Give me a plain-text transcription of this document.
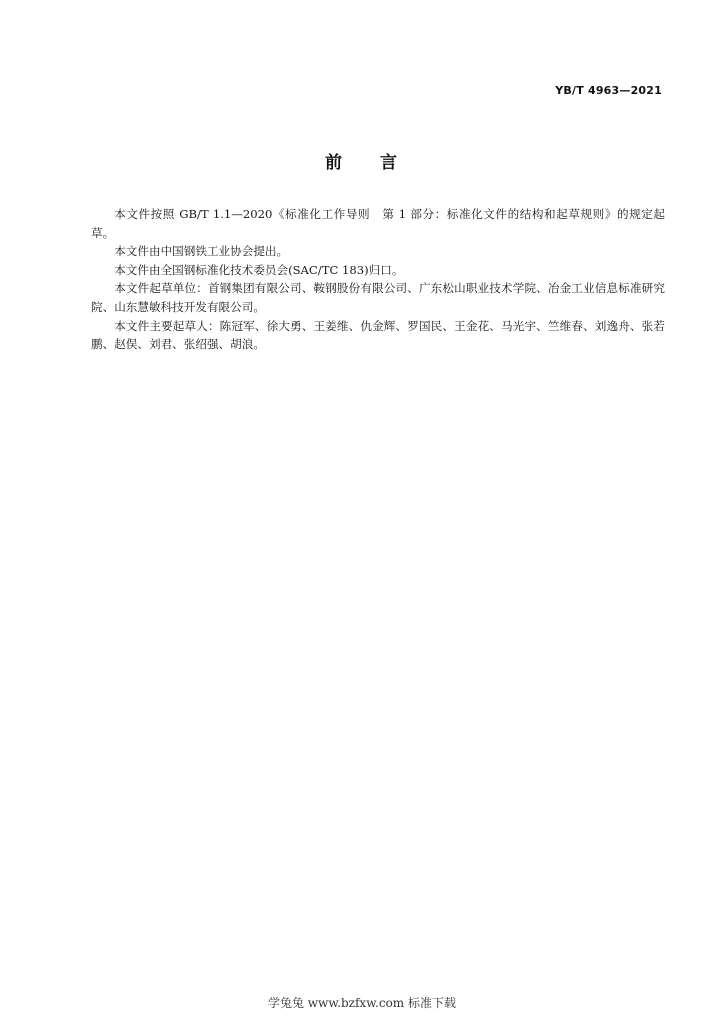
YB/T 4963—2021
前 言

本文件按照 GB/T 1.1—2020《标准化工作导则　第 1 部分：标准化文件的结构和起草规则》的规定起草。

本文件由中国钢铁工业协会提出。

本文件由全国钢标准化技术委员会(SAC/TC 183)归口。

本文件起草单位：首钢集团有限公司、鞍钢股份有限公司、广东松山职业技术学院、冶金工业信息标准研究院、山东慧敏科技开发有限公司。

本文件主要起草人：陈冠军、徐大勇、王姜维、仇金辉、罗国民、王金花、马光宇、竺维春、刘逸舟、张若鹏、赵俣、刘君、张绍强、胡浪。

学兔兔 www.bzfxw.com 标准下载
